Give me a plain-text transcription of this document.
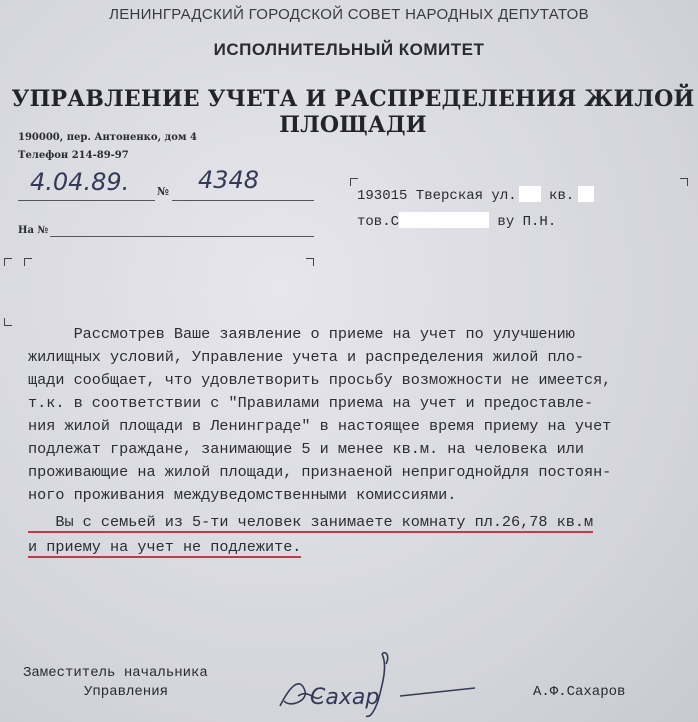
ЛЕНИНГРАДСКИЙ ГОРОДСКОЙ СОВЕТ НАРОДНЫХ ДЕПУТАТОВ
ИСПОЛНИТЕЛЬНЫЙ КОМИТЕТ
УПРАВЛЕНИЕ УЧЕТА И РАСПРЕДЕЛЕНИЯ ЖИЛОЙ ПЛОЩАДИ
190000, пер. Антоненко, дом 4
Телефон 214-89-97
4.04.89.	№ 4348
На №
193015 Тверская ул. кв.
тов.С	ву П.Н.

Рассмотрев Ваше заявление о приеме на учет по улучшению

жилищных условий, Управление учета и распределения жилой пло-

щади сообщает, что удовлетворить просьбу возможности не имеется,

т.к. в соответствии с "Правилами приема на учет и предоставле-

ния жилой площади в Ленинграде" в настоящее время приему на учет

подлежат граждане, занимающие 5 и менее кв.м. на человека или

проживающие на жилой площади, признаеной непригоднойдля постоян-

ного проживания междуведомственными комиссиями.

Вы с семьей из 5-ти человек занимаете комнату пл.26,78 кв.м

и приему на учет не подлежите.

Заместитель начальника
Управления	А.Ф.Сахаров
Сахар
